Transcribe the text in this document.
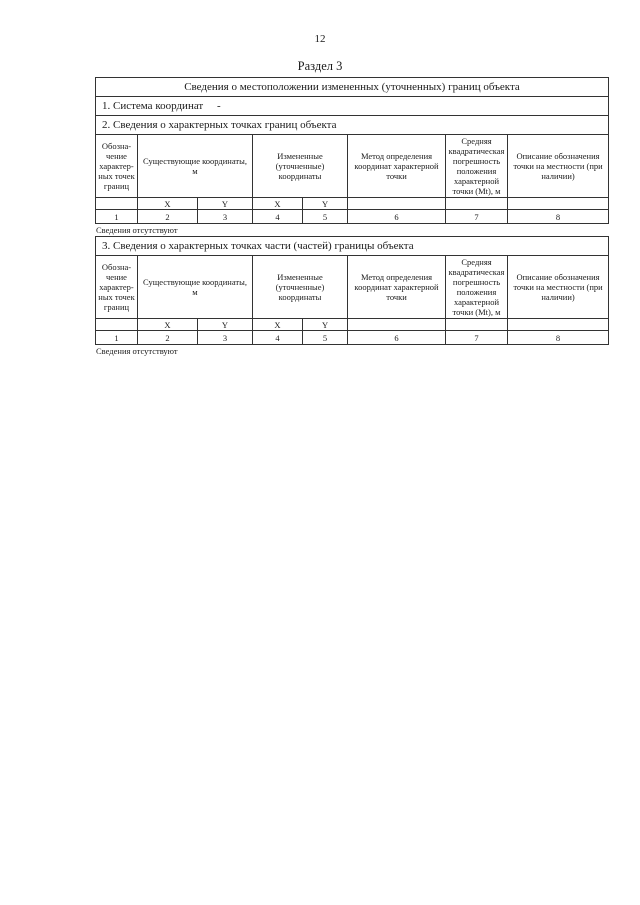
12
Раздел 3
Сведения о местоположении измененных (уточненных) границ объекта
1. Система координат -
2. Сведения о характерных точках границ объекта
Обозна-чение характер-ных точек границ	Существующие координаты, м		Измененные (уточненные) координаты		Метод определения координат характерной точки	Средняя квадратическая погрешность положения характерной точки (Mt), м	Описание обозначения точки на местности (при наличии)
	X	Y	X	Y			
1	2	3	4	5	6	7	8
Сведения отсутствуют
3. Сведения о характерных точках части (частей) границы объекта
Обозна-чение характер-ных точек границ	Существующие координаты, м		Измененные (уточненные) координаты		Метод определения координат характерной точки	Средняя квадратическая погрешность положения характерной точки (Mt), м	Описание обозначения точки на местности (при наличии)
	X	Y	X	Y			
1	2	3	4	5	6	7	8
Сведения отсутствуют
